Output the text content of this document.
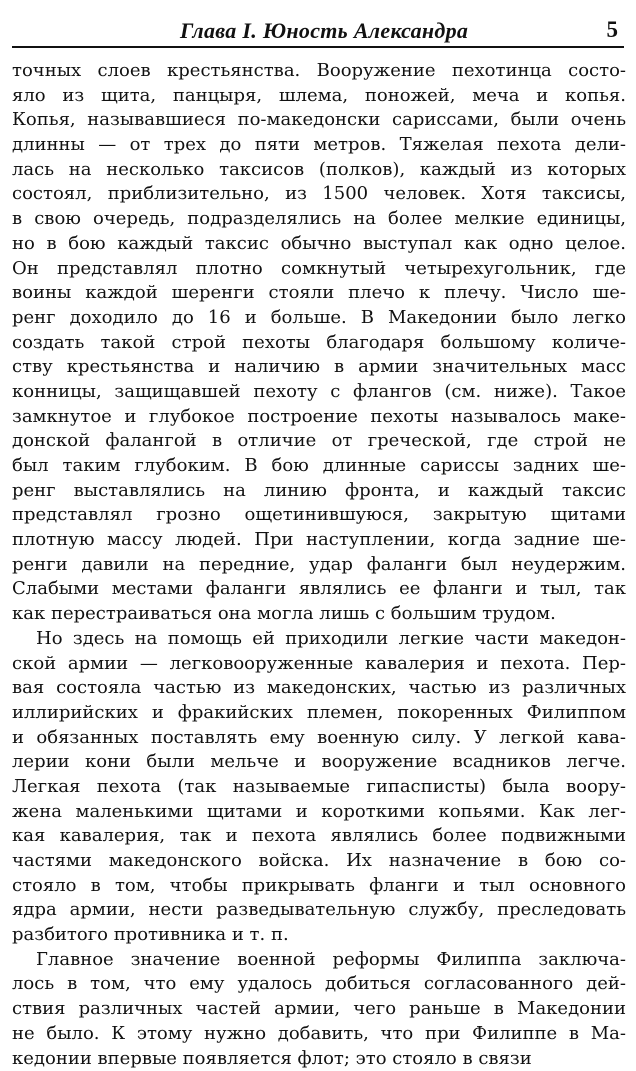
Глава I. Юность Александра	5
точных слоев крестьянства. Вооружение пехотинца состо-
яло из щита, панцыря, шлема, поножей, меча и копья.
Копья, называвшиеся по-македонски сариссами, были очень
длинны — от трех до пяти метров. Тяжелая пехота дели-
лась на несколько таксисов (полков), каждый из которых
состоял, приблизительно, из 1500 человек. Хотя таксисы,
в свою очередь, подразделялись на более мелкие единицы,
но в бою каждый таксис обычно выступал как одно целое.
Он представлял плотно сомкнутый четырехугольник, где
воины каждой шеренги стояли плечо к плечу. Число ше-
ренг доходило до 16 и больше. В Македонии было легко
создать такой строй пехоты благодаря большому количе-
ству крестьянства и наличию в армии значительных масс
конницы, защищавшей пехоту с флангов (см. ниже). Такое
замкнутое и глубокое построение пехоты называлось маке-
донской фалангой в отличие от греческой, где строй не
был таким глубоким. В бою длинные сариссы задних ше-
ренг выставлялись на линию фронта, и каждый таксис
представлял грозно ощетинившуюся, закрытую щитами
плотную массу людей. При наступлении, когда задние ше-
ренги давили на передние, удар фаланги был неудержим.
Слабыми местами фаланги являлись ее фланги и тыл, так
как перестраиваться она могла лишь с большим трудом.
Но здесь на помощь ей приходили легкие части македон-
ской армии — легковооруженные кавалерия и пехота. Пер-
вая состояла частью из македонских, частью из различных
иллирийских и фракийских племен, покоренных Филиппом
и обязанных поставлять ему военную силу. У легкой кава-
лерии кони были мельче и вооружение всадников легче.
Легкая пехота (так называемые гипасписты) была воору-
жена маленькими щитами и короткими копьями. Как лег-
кая кавалерия, так и пехота являлись более подвижными
частями македонского войска. Их назначение в бою со-
стояло в том, чтобы прикрывать фланги и тыл основного
ядра армии, нести разведывательную службу, преследовать
разбитого противника и т. п.
Главное значение военной реформы Филиппа заключа-
лось в том, что ему удалось добиться согласованного дей-
ствия различных частей армии, чего раньше в Македонии
не было. К этому нужно добавить, что при Филиппе в Ма-
кедонии впервые появляется флот; это стояло в связи
